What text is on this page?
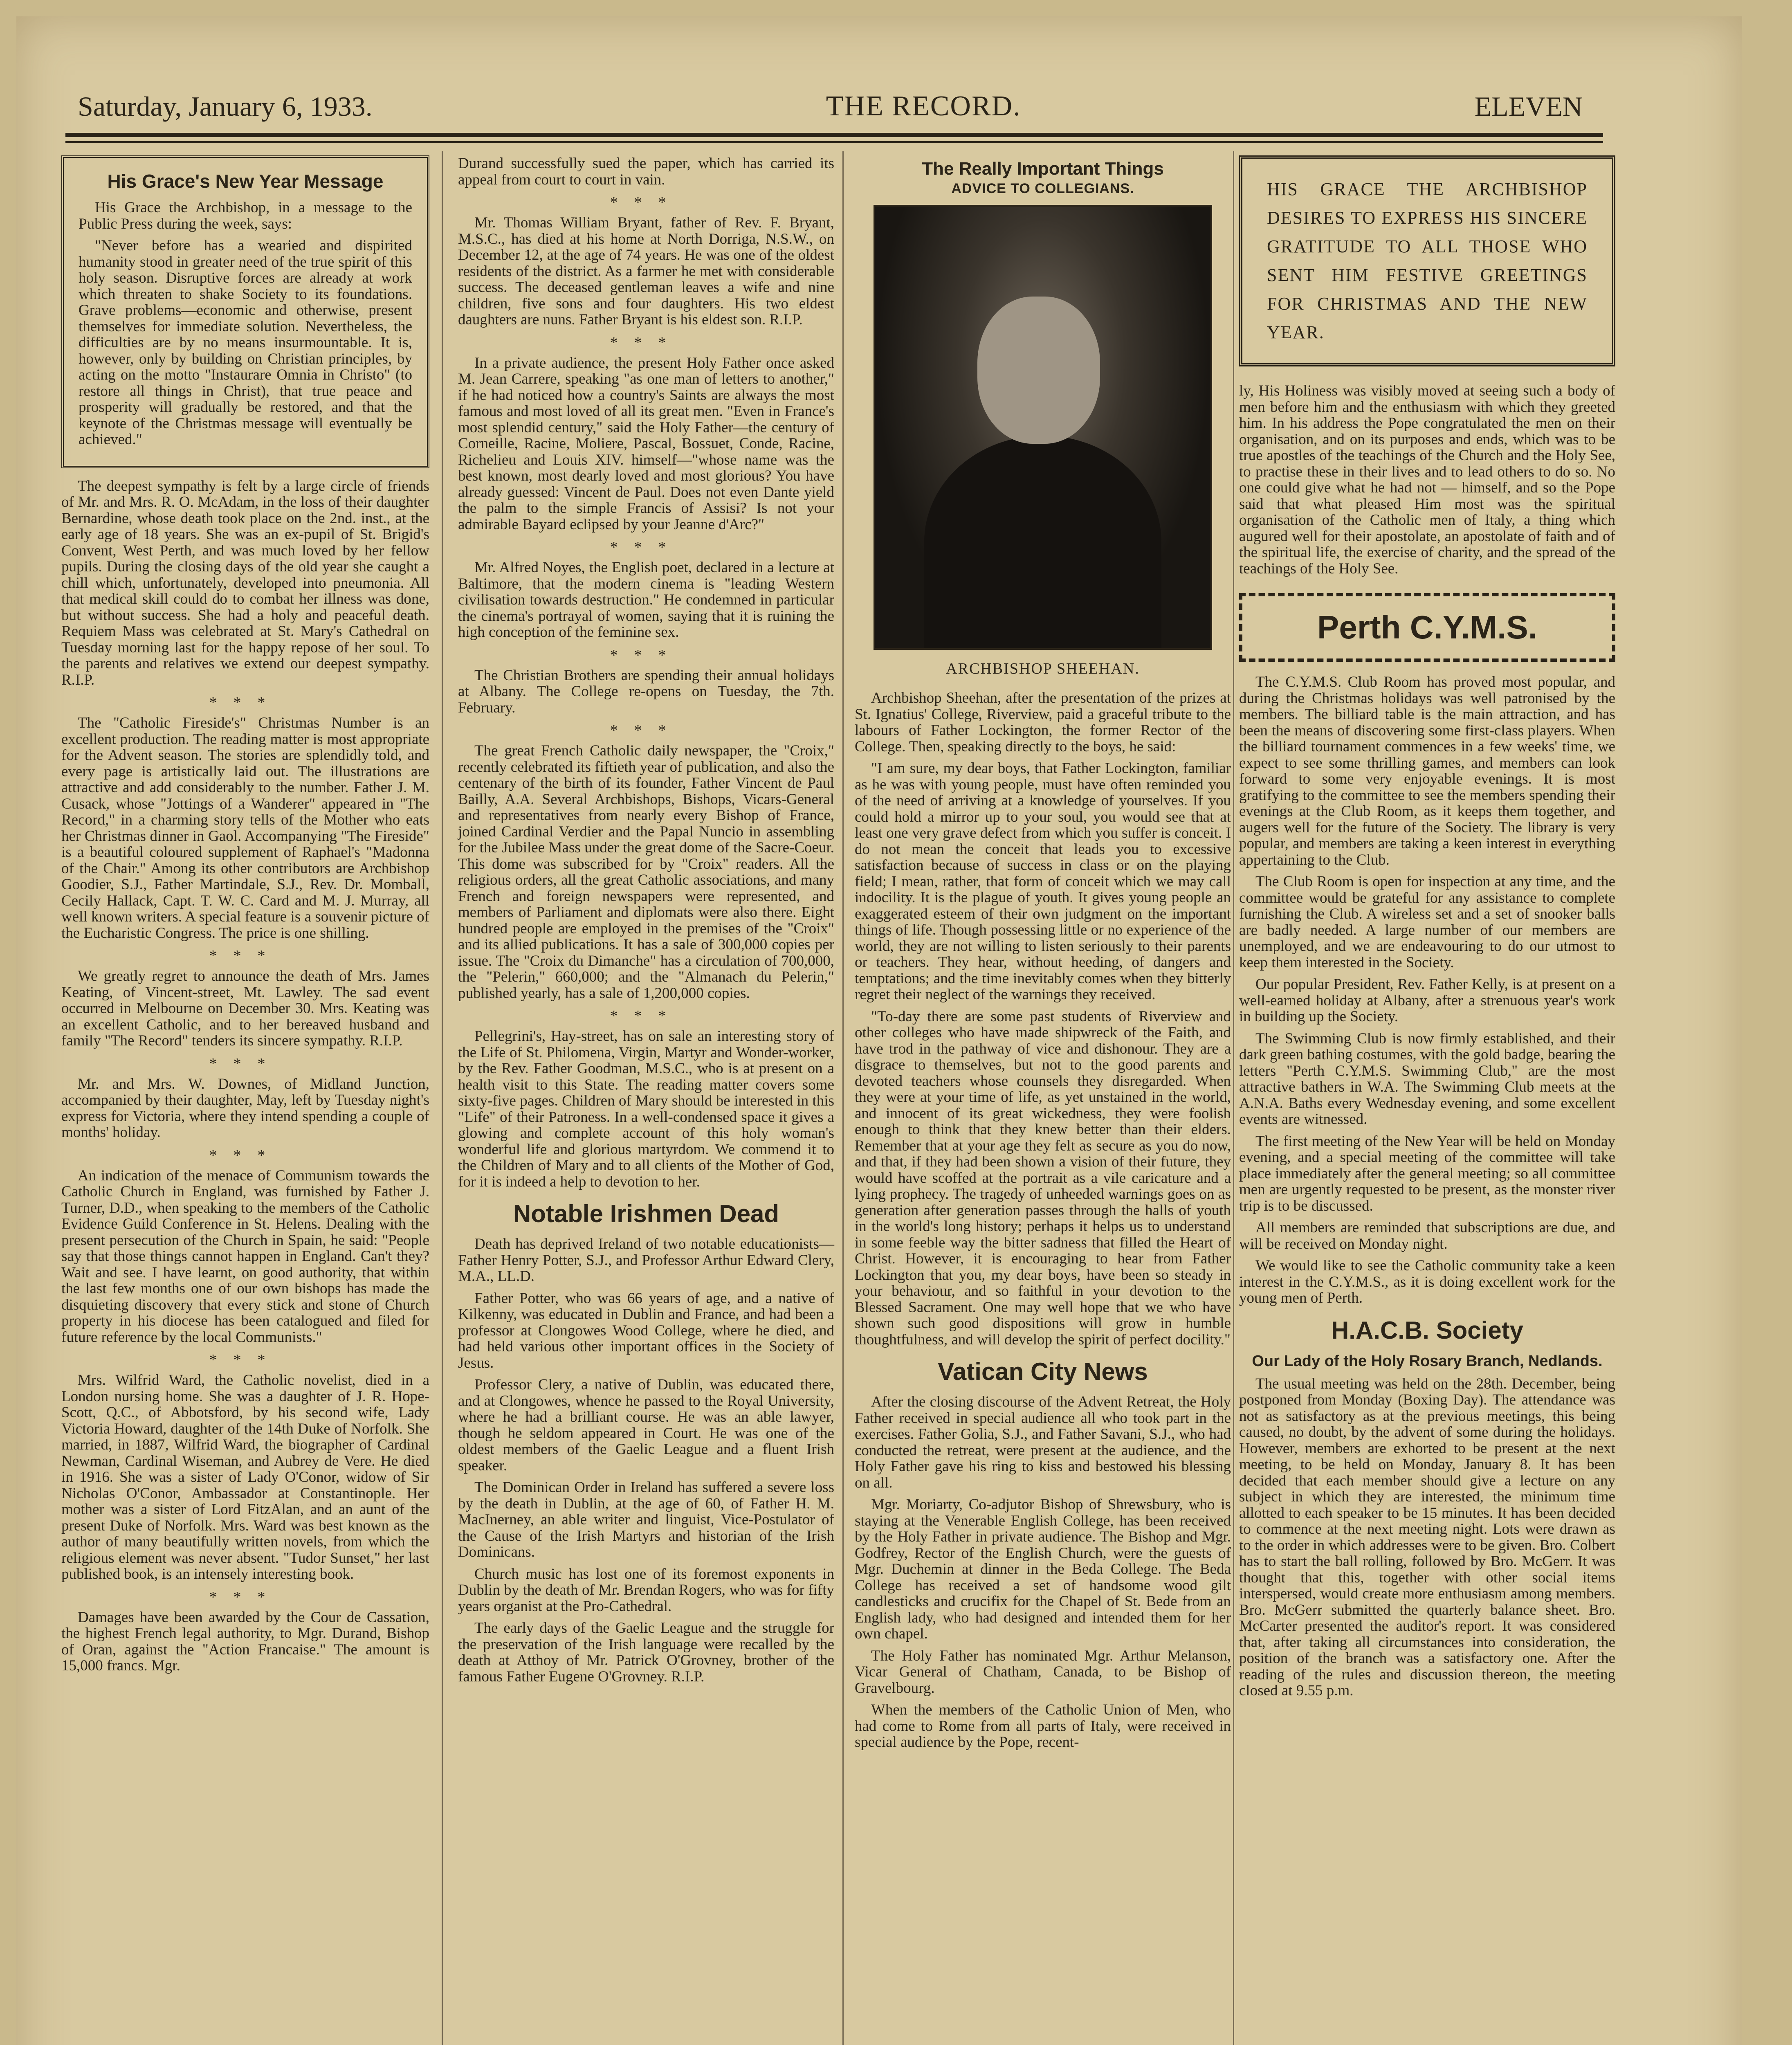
Saturday, January 6, 1933.	THE RECORD.	ELEVEN
His Grace's New Year Message

His Grace the Archbishop, in a message to the Public Press during the week, says:

"Never before has a wearied and dispirited humanity stood in greater need of the true spirit of this holy season. Disruptive forces are already at work which threaten to shake Society to its foundations. Grave problems—economic and otherwise, present themselves for immediate solution. Nevertheless, the difficulties are by no means insurmountable. It is, however, only by building on Christian principles, by acting on the motto "Instaurare Omnia in Christo" (to restore all things in Christ), that true peace and prosperity will gradually be restored, and that the keynote of the Christmas message will eventually be achieved."

The deepest sympathy is felt by a large circle of friends of Mr. and Mrs. R. O. McAdam, in the loss of their daughter Bernardine, whose death took place on the 2nd. inst., at the early age of 18 years. She was an ex-pupil of St. Brigid's Convent, West Perth, and was much loved by her fellow pupils. During the closing days of the old year she caught a chill which, unfortunately, developed into pneumonia. All that medical skill could do to combat her illness was done, but without success. She had a holy and peaceful death. Requiem Mass was celebrated at St. Mary's Cathedral on Tuesday morning last for the happy repose of her soul. To the parents and relatives we extend our deepest sympathy. R.I.P.

***

The "Catholic Fireside's" Christmas Number is an excellent production. The reading matter is most appropriate for the Advent season. The stories are splendidly told, and every page is artistically laid out. The illustrations are attractive and add considerably to the number. Father J. M. Cusack, whose "Jottings of a Wanderer" appeared in "The Record," in a charming story tells of the Mother who eats her Christmas dinner in Gaol. Accompanying "The Fireside" is a beautiful coloured supplement of Raphael's "Madonna of the Chair." Among its other contributors are Archbishop Goodier, S.J., Father Martindale, S.J., Rev. Dr. Momball, Cecily Hallack, Capt. T. W. C. Card and M. J. Murray, all well known writers. A special feature is a souvenir picture of the Eucharistic Congress. The price is one shilling.

***

We greatly regret to announce the death of Mrs. James Keating, of Vincent-street, Mt. Lawley. The sad event occurred in Melbourne on December 30. Mrs. Keating was an excellent Catholic, and to her bereaved husband and family "The Record" tenders its sincere sympathy. R.I.P.

***

Mr. and Mrs. W. Downes, of Midland Junction, accompanied by their daughter, May, left by Tuesday night's express for Victoria, where they intend spending a couple of months' holiday.

***

An indication of the menace of Communism towards the Catholic Church in England, was furnished by Father J. Turner, D.D., when speaking to the members of the Catholic Evidence Guild Conference in St. Helens. Dealing with the present persecution of the Church in Spain, he said: "People say that those things cannot happen in England. Can't they? Wait and see. I have learnt, on good authority, that within the last few months one of our own bishops has made the disquieting discovery that every stick and stone of Church property in his diocese has been catalogued and filed for future reference by the local Communists."

***

Mrs. Wilfrid Ward, the Catholic novelist, died in a London nursing home. She was a daughter of J. R. Hope-Scott, Q.C., of Abbotsford, by his second wife, Lady Victoria Howard, daughter of the 14th Duke of Norfolk. She married, in 1887, Wilfrid Ward, the biographer of Cardinal Newman, Cardinal Wiseman, and Aubrey de Vere. He died in 1916. She was a sister of Lady O'Conor, widow of Sir Nicholas O'Conor, Ambassador at Constantinople. Her mother was a sister of Lord FitzAlan, and an aunt of the present Duke of Norfolk. Mrs. Ward was best known as the author of many beautifully written novels, from which the religious element was never absent. "Tudor Sunset," her last published book, is an intensely interesting book.

***

Damages have been awarded by the Cour de Cassation, the highest French legal authority, to Mgr. Durand, Bishop of Oran, against the "Action Francaise." The amount is 15,000 francs. Mgr.

Durand successfully sued the paper, which has carried its appeal from court to court in vain.

***

Mr. Thomas William Bryant, father of Rev. F. Bryant, M.S.C., has died at his home at North Dorriga, N.S.W., on December 12, at the age of 74 years. He was one of the oldest residents of the district. As a farmer he met with considerable success. The deceased gentleman leaves a wife and nine children, five sons and four daughters. His two eldest daughters are nuns. Father Bryant is his eldest son. R.I.P.

***

In a private audience, the present Holy Father once asked M. Jean Carrere, speaking "as one man of letters to another," if he had noticed how a country's Saints are always the most famous and most loved of all its great men. "Even in France's most splendid century," said the Holy Father—the century of Corneille, Racine, Moliere, Pascal, Bossuet, Conde, Racine, Richelieu and Louis XIV. himself—"whose name was the best known, most dearly loved and most glorious? You have already guessed: Vincent de Paul. Does not even Dante yield the palm to the simple Francis of Assisi? Is not your admirable Bayard eclipsed by your Jeanne d'Arc?"

***

Mr. Alfred Noyes, the English poet, declared in a lecture at Baltimore, that the modern cinema is "leading Western civilisation towards destruction." He condemned in particular the cinema's portrayal of women, saying that it is ruining the high conception of the feminine sex.

***

The Christian Brothers are spending their annual holidays at Albany. The College re-opens on Tuesday, the 7th. February.

***

The great French Catholic daily newspaper, the "Croix," recently celebrated its fiftieth year of publication, and also the centenary of the birth of its founder, Father Vincent de Paul Bailly, A.A. Several Archbishops, Bishops, Vicars-General and representatives from nearly every Bishop of France, joined Cardinal Verdier and the Papal Nuncio in assembling for the Jubilee Mass under the great dome of the Sacre-Coeur. This dome was subscribed for by "Croix" readers. All the religious orders, all the great Catholic associations, and many French and foreign newspapers were represented, and members of Parliament and diplomats were also there. Eight hundred people are employed in the premises of the "Croix" and its allied publications. It has a sale of 300,000 copies per issue. The "Croix du Dimanche" has a circulation of 700,000, the "Pelerin," 660,000; and the "Almanach du Pelerin," published yearly, has a sale of 1,200,000 copies.

***

Pellegrini's, Hay-street, has on sale an interesting story of the Life of St. Philomena, Virgin, Martyr and Wonder-worker, by the Rev. Father Goodman, M.S.C., who is at present on a health visit to this State. The reading matter covers some sixty-five pages. Children of Mary should be interested in this "Life" of their Patroness. In a well-condensed space it gives a glowing and complete account of this holy woman's wonderful life and glorious martyrdom. We commend it to the Children of Mary and to all clients of the Mother of God, for it is indeed a help to devotion to her.

Notable Irishmen Dead

Death has deprived Ireland of two notable educationists—Father Henry Potter, S.J., and Professor Arthur Edward Clery, M.A., LL.D.

Father Potter, who was 66 years of age, and a native of Kilkenny, was educated in Dublin and France, and had been a professor at Clongowes Wood College, where he died, and had held various other important offices in the Society of Jesus.

Professor Clery, a native of Dublin, was educated there, and at Clongowes, whence he passed to the Royal University, where he had a brilliant course. He was an able lawyer, though he seldom appeared in Court. He was one of the oldest members of the Gaelic League and a fluent Irish speaker.

The Dominican Order in Ireland has suffered a severe loss by the death in Dublin, at the age of 60, of Father H. M. MacInerney, an able writer and linguist, Vice-Postulator of the Cause of the Irish Martyrs and historian of the Irish Dominicans.

Church music has lost one of its foremost exponents in Dublin by the death of Mr. Brendan Rogers, who was for fifty years organist at the Pro-Cathedral.

The early days of the Gaelic League and the struggle for the preservation of the Irish language were recalled by the death at Atthoy of Mr. Patrick O'Grovney, brother of the famous Father Eugene O'Grovney. R.I.P.

The Really Important Things
ADVICE TO COLLEGIANS.
ARCHBISHOP SHEEHAN.

Archbishop Sheehan, after the presentation of the prizes at St. Ignatius' College, Riverview, paid a graceful tribute to the labours of Father Lockington, the former Rector of the College. Then, speaking directly to the boys, he said:

"I am sure, my dear boys, that Father Lockington, familiar as he was with young people, must have often reminded you of the need of arriving at a knowledge of yourselves. If you could hold a mirror up to your soul, you would see that at least one very grave defect from which you suffer is conceit. I do not mean the conceit that leads you to excessive satisfaction because of success in class or on the playing field; I mean, rather, that form of conceit which we may call indocility. It is the plague of youth. It gives young people an exaggerated esteem of their own judgment on the important things of life. Though possessing little or no experience of the world, they are not willing to listen seriously to their parents or teachers. They hear, without heeding, of dangers and temptations; and the time inevitably comes when they bitterly regret their neglect of the warnings they received.

"To-day there are some past students of Riverview and other colleges who have made shipwreck of the Faith, and have trod in the pathway of vice and dishonour. They are a disgrace to themselves, but not to the good parents and devoted teachers whose counsels they disregarded. When they were at your time of life, as yet unstained in the world, and innocent of its great wickedness, they were foolish enough to think that they knew better than their elders. Remember that at your age they felt as secure as you do now, and that, if they had been shown a vision of their future, they would have scoffed at the portrait as a vile caricature and a lying prophecy. The tragedy of unheeded warnings goes on as generation after generation passes through the halls of youth in the world's long history; perhaps it helps us to understand in some feeble way the bitter sadness that filled the Heart of Christ. However, it is encouraging to hear from Father Lockington that you, my dear boys, have been so steady in your behaviour, and so faithful in your devotion to the Blessed Sacrament. One may well hope that we who have shown such good dispositions will grow in humble thoughtfulness, and will develop the spirit of perfect docility."

Vatican City News

After the closing discourse of the Advent Retreat, the Holy Father received in special audience all who took part in the exercises. Father Golia, S.J., and Father Savani, S.J., who had conducted the retreat, were present at the audience, and the Holy Father gave his ring to kiss and bestowed his blessing on all.

Mgr. Moriarty, Co-adjutor Bishop of Shrewsbury, who is staying at the Venerable English College, has been received by the Holy Father in private audience. The Bishop and Mgr. Godfrey, Rector of the English Church, were the guests of Mgr. Duchemin at dinner in the Beda College. The Beda College has received a set of handsome wood gilt candlesticks and crucifix for the Chapel of St. Bede from an English lady, who had designed and intended them for her own chapel.

The Holy Father has nominated Mgr. Arthur Melanson, Vicar General of Chatham, Canada, to be Bishop of Gravelbourg.

When the members of the Catholic Union of Men, who had come to Rome from all parts of Italy, were received in special audience by the Pope, recent-

HIS GRACE THE ARCHBISHOP DESIRES TO EXPRESS HIS SINCERE GRATITUDE TO ALL THOSE WHO SENT HIM FESTIVE GREETINGS FOR CHRISTMAS AND THE NEW YEAR.

ly, His Holiness was visibly moved at seeing such a body of men before him and the enthusiasm with which they greeted him. In his address the Pope congratulated the men on their organisation, and on its purposes and ends, which was to be true apostles of the teachings of the Church and the Holy See, to practise these in their lives and to lead others to do so. No one could give what he had not — himself, and so the Pope said that what pleased Him most was the spiritual organisation of the Catholic men of Italy, a thing which augured well for their apostolate, an apostolate of faith and of the spiritual life, the exercise of charity, and the spread of the teachings of the Holy See.

Perth C.Y.M.S.

The C.Y.M.S. Club Room has proved most popular, and during the Christmas holidays was well patronised by the members. The billiard table is the main attraction, and has been the means of discovering some first-class players. When the billiard tournament commences in a few weeks' time, we expect to see some thrilling games, and members can look forward to some very enjoyable evenings. It is most gratifying to the committee to see the members spending their evenings at the Club Room, as it keeps them together, and augers well for the future of the Society. The library is very popular, and members are taking a keen interest in everything appertaining to the Club.

The Club Room is open for inspection at any time, and the committee would be grateful for any assistance to complete furnishing the Club. A wireless set and a set of snooker balls are badly needed. A large number of our members are unemployed, and we are endeavouring to do our utmost to keep them interested in the Society.

Our popular President, Rev. Father Kelly, is at present on a well-earned holiday at Albany, after a strenuous year's work in building up the Society.

The Swimming Club is now firmly established, and their dark green bathing costumes, with the gold badge, bearing the letters "Perth C.Y.M.S. Swimming Club," are the most attractive bathers in W.A. The Swimming Club meets at the A.N.A. Baths every Wednesday evening, and some excellent events are witnessed.

The first meeting of the New Year will be held on Monday evening, and a special meeting of the committee will take place immediately after the general meeting; so all committee men are urgently requested to be present, as the monster river trip is to be discussed.

All members are reminded that subscriptions are due, and will be received on Monday night.

We would like to see the Catholic community take a keen interest in the C.Y.M.S., as it is doing excellent work for the young men of Perth.

H.A.C.B. Society
Our Lady of the Holy Rosary Branch, Nedlands.

The usual meeting was held on the 28th. December, being postponed from Monday (Boxing Day). The attendance was not as satisfactory as at the previous meetings, this being caused, no doubt, by the advent of some during the holidays. However, members are exhorted to be present at the next meeting, to be held on Monday, January 8. It has been decided that each member should give a lecture on any subject in which they are interested, the minimum time allotted to each speaker to be 15 minutes. It has been decided to commence at the next meeting night. Lots were drawn as to the order in which addresses were to be given. Bro. Colbert has to start the ball rolling, followed by Bro. McGerr. It was thought that this, together with other social items interspersed, would create more enthusiasm among members. Bro. McGerr submitted the quarterly balance sheet. Bro. McCarter presented the auditor's report. It was considered that, after taking all circumstances into consideration, the position of the branch was a satisfactory one. After the reading of the rules and discussion thereon, the meeting closed at 9.55 p.m.
